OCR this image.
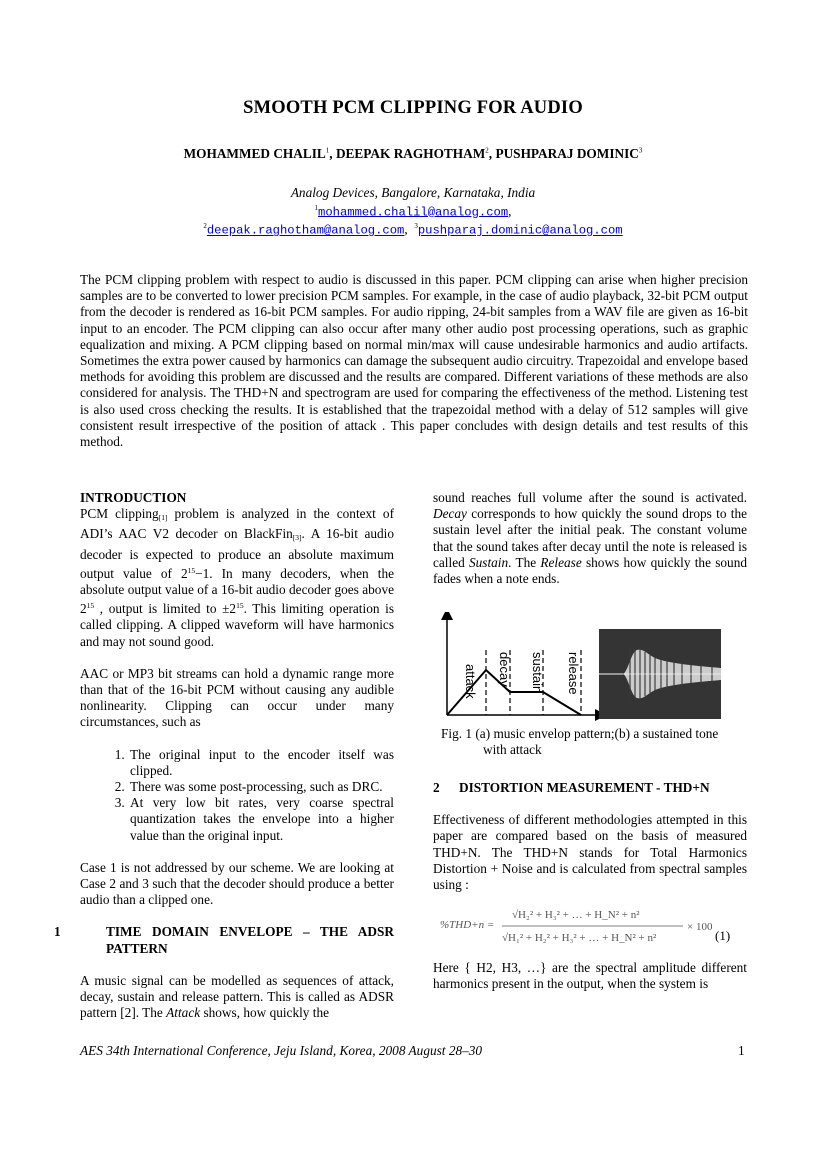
SMOOTH PCM CLIPPING FOR AUDIO
MOHAMMED CHALIL$^1$, DEEPAK RAGHOTHAM$^2$, PUSHPARAJ DOMINIC$^3$
Analog Devices, Bangalore, Karnataka, India
$^1$mohammed.chalil@analog.com,
$^2$deepak.raghotham@analog.com, $^3$pushparaj.dominic@analog.com

The PCM clipping problem with respect to audio is discussed in this paper. PCM clipping can arise when higher precision samples are to be converted to lower precision PCM samples. For example, in the case of audio playback, 32-bit PCM output from the decoder is rendered as 16-bit PCM samples. For audio ripping, 24-bit samples from a WAV file are given as 16-bit input to an encoder. The PCM clipping can also occur after many other audio post processing operations, such as graphic equalization and mixing. A PCM clipping based on normal min/max will cause undesirable harmonics and audio artifacts. Sometimes the extra power caused by harmonics can damage the subsequent audio circuitry. Trapezoidal and envelope based methods for avoiding this problem are discussed and the results are compared. Different variations of these methods are also considered for analysis. The THD+N and spectrogram are used for comparing the effectiveness of the method. Listening test is also used cross checking the results. It is established that the trapezoidal method with a delay of 512 samples will give consistent result irrespective of the position of attack . This paper concludes with design details and test results of this method.

INTRODUCTION

PCM clipping$_{[1]}$ problem is analyzed in the context of ADI’s AAC V2 decoder on BlackFin$_{[3]}$. A 16-bit audio decoder is expected to produce an absolute maximum output value of $2^{15}-1$. In many decoders, when the absolute output value of a 16-bit audio decoder goes above $2^{15}$ , output is limited to $\pm 2^{15}$. This limiting operation is called clipping. A clipped waveform will have harmonics and may not sound good.

AAC or MP3 bit streams can hold a dynamic range more than that of the 16-bit PCM without causing any audible nonlinearity. Clipping can occur under many circumstances, such as

1. The original input to the encoder itself was clipped.
2. There was some post-processing, such as DRC.
3. At very low bit rates, very coarse spectral quantization takes the envelope into a higher value than the original input.

Case 1 is not addressed by our scheme. We are looking at Case 2 and 3 such that the decoder should produce a better audio than a clipped one.

1	TIME DOMAIN ENVELOPE – THE ADSR PATTERN

A music signal can be modelled as sequences of attack, decay, sustain and release pattern. This is called as ADSR pattern [2]. The Attack shows, how quickly the

sound reaches full volume after the sound is activated. Decay corresponds to how quickly the sound drops to the sustain level after the initial peak. The constant volume that the sound takes after decay until the note is released is called Sustain. The Release shows how quickly the sound fades when a note ends.

attack decay sustain release
Fig. 1 (a) music envelop pattern;(b) a sustained tone
with attack
2 DISTORTION MEASUREMENT - THD+N

Effectiveness of different methodologies attempted in this paper are compared based on the basis of measured THD+N. The THD+N stands for Total Harmonics Distortion + Noise and is calculated from spectral samples using :

%THD+n =
√H₂² + H₃² + … + H_N² + n²
√H₁² + H₂² + H₃² + … + H_N² + n²
× 100
(1)

Here { H2, H3, …} are the spectral amplitude different harmonics present in the output, when the system is

AES 34th International Conference, Jeju Island, Korea, 2008 August 28–30	1
